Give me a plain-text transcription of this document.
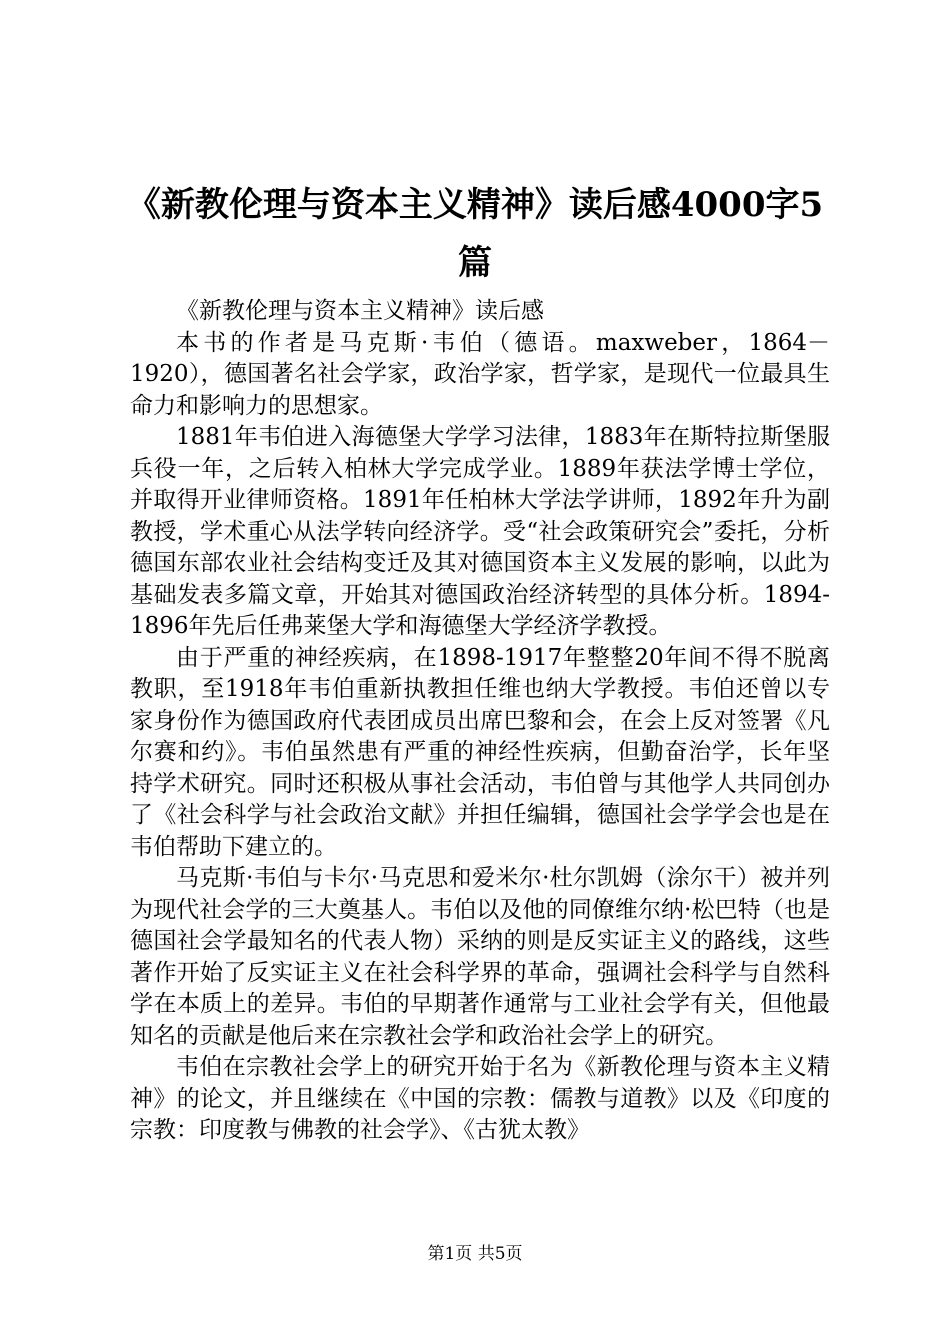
《新教伦理与资本主义精神》读后感4000字5篇

《新教伦理与资本主义精神》读后感

本书的作者是马克斯·韦伯（德语。maxweber，1864－1920），德国著名社会学家，政治学家，哲学家，是现代一位最具生命力和影响力的思想家。

1881年韦伯进入海德堡大学学习法律，1883年在斯特拉斯堡服兵役一年，之后转入柏林大学完成学业。1889年获法学博士学位，并取得开业律师资格。1891年任柏林大学法学讲师，1892年升为副教授，学术重心从法学转向经济学。受“社会政策研究会”委托，分析德国东部农业社会结构变迁及其对德国资本主义发展的影响，以此为基础发表多篇文章，开始其对德国政治经济转型的具体分析。1894-1896年先后任弗莱堡大学和海德堡大学经济学教授。

由于严重的神经疾病，在1898-1917年整整20年间不得不脱离教职，至1918年韦伯重新执教担任维也纳大学教授。韦伯还曾以专家身份作为德国政府代表团成员出席巴黎和会，在会上反对签署《凡尔赛和约》。韦伯虽然患有严重的神经性疾病，但勤奋治学，长年坚持学术研究。同时还积极从事社会活动，韦伯曾与其他学人共同创办了《社会科学与社会政治文献》并担任编辑，德国社会学学会也是在韦伯帮助下建立的。

马克斯·韦伯与卡尔·马克思和爱米尔·杜尔凯姆（涂尔干）被并列为现代社会学的三大奠基人。韦伯以及他的同僚维尔纳·松巴特（也是德国社会学最知名的代表人物）采纳的则是反实证主义的路线，这些著作开始了反实证主义在社会科学界的革命，强调社会科学与自然科学在本质上的差异。韦伯的早期著作通常与工业社会学有关，但他最知名的贡献是他后来在宗教社会学和政治社会学上的研究。

韦伯在宗教社会学上的研究开始于名为《新教伦理与资本主义精神》的论文，并且继续在《中国的宗教：儒教与道教》以及《印度的宗教：印度教与佛教的社会学》、《古犹太教》

第1页 共5页
